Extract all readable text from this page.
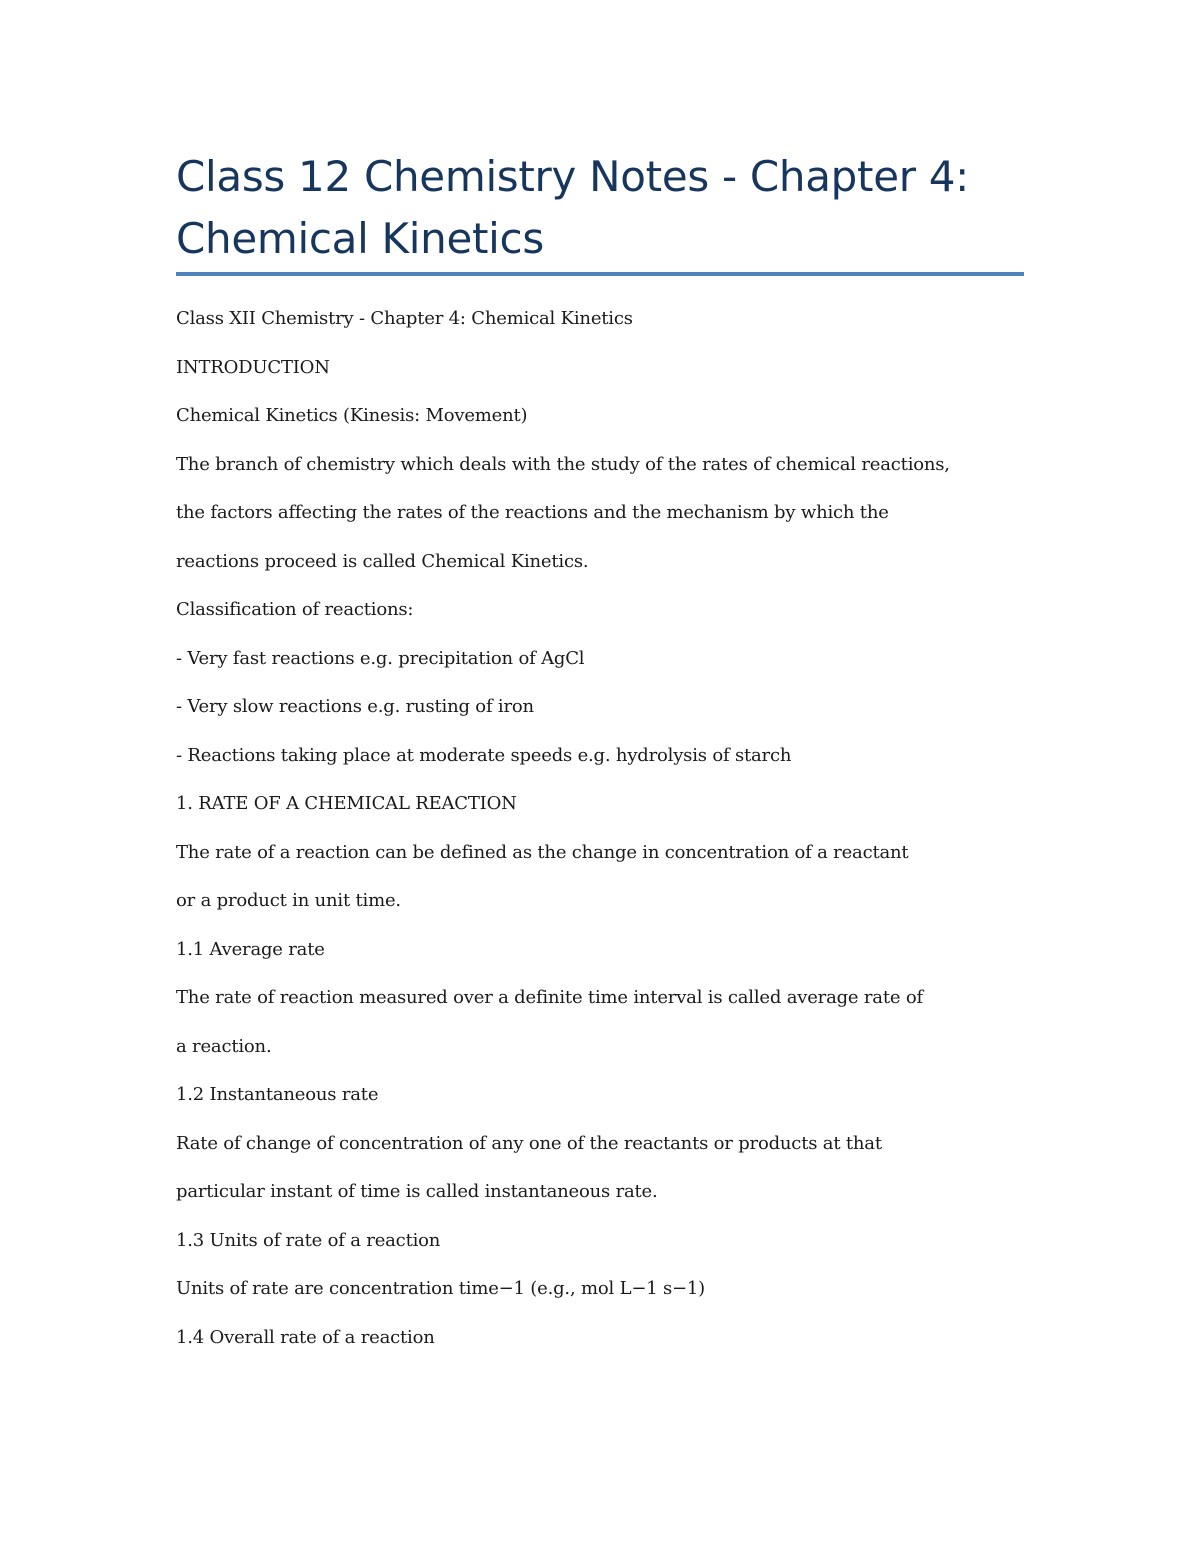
Class 12 Chemistry Notes - Chapter 4:
Chemical Kinetics
Class XII Chemistry - Chapter 4: Chemical Kinetics
INTRODUCTION
Chemical Kinetics (Kinesis: Movement)
The branch of chemistry which deals with the study of the rates of chemical reactions,
the factors affecting the rates of the reactions and the mechanism by which the
reactions proceed is called Chemical Kinetics.
Classification of reactions:
- Very fast reactions e.g. precipitation of AgCl
- Very slow reactions e.g. rusting of iron
- Reactions taking place at moderate speeds e.g. hydrolysis of starch
1. RATE OF A CHEMICAL REACTION
The rate of a reaction can be defined as the change in concentration of a reactant
or a product in unit time.
1.1 Average rate
The rate of reaction measured over a definite time interval is called average rate of
a reaction.
1.2 Instantaneous rate
Rate of change of concentration of any one of the reactants or products at that
particular instant of time is called instantaneous rate.
1.3 Units of rate of a reaction
Units of rate are concentration time−1 (e.g., mol L−1 s−1)
1.4 Overall rate of a reaction
